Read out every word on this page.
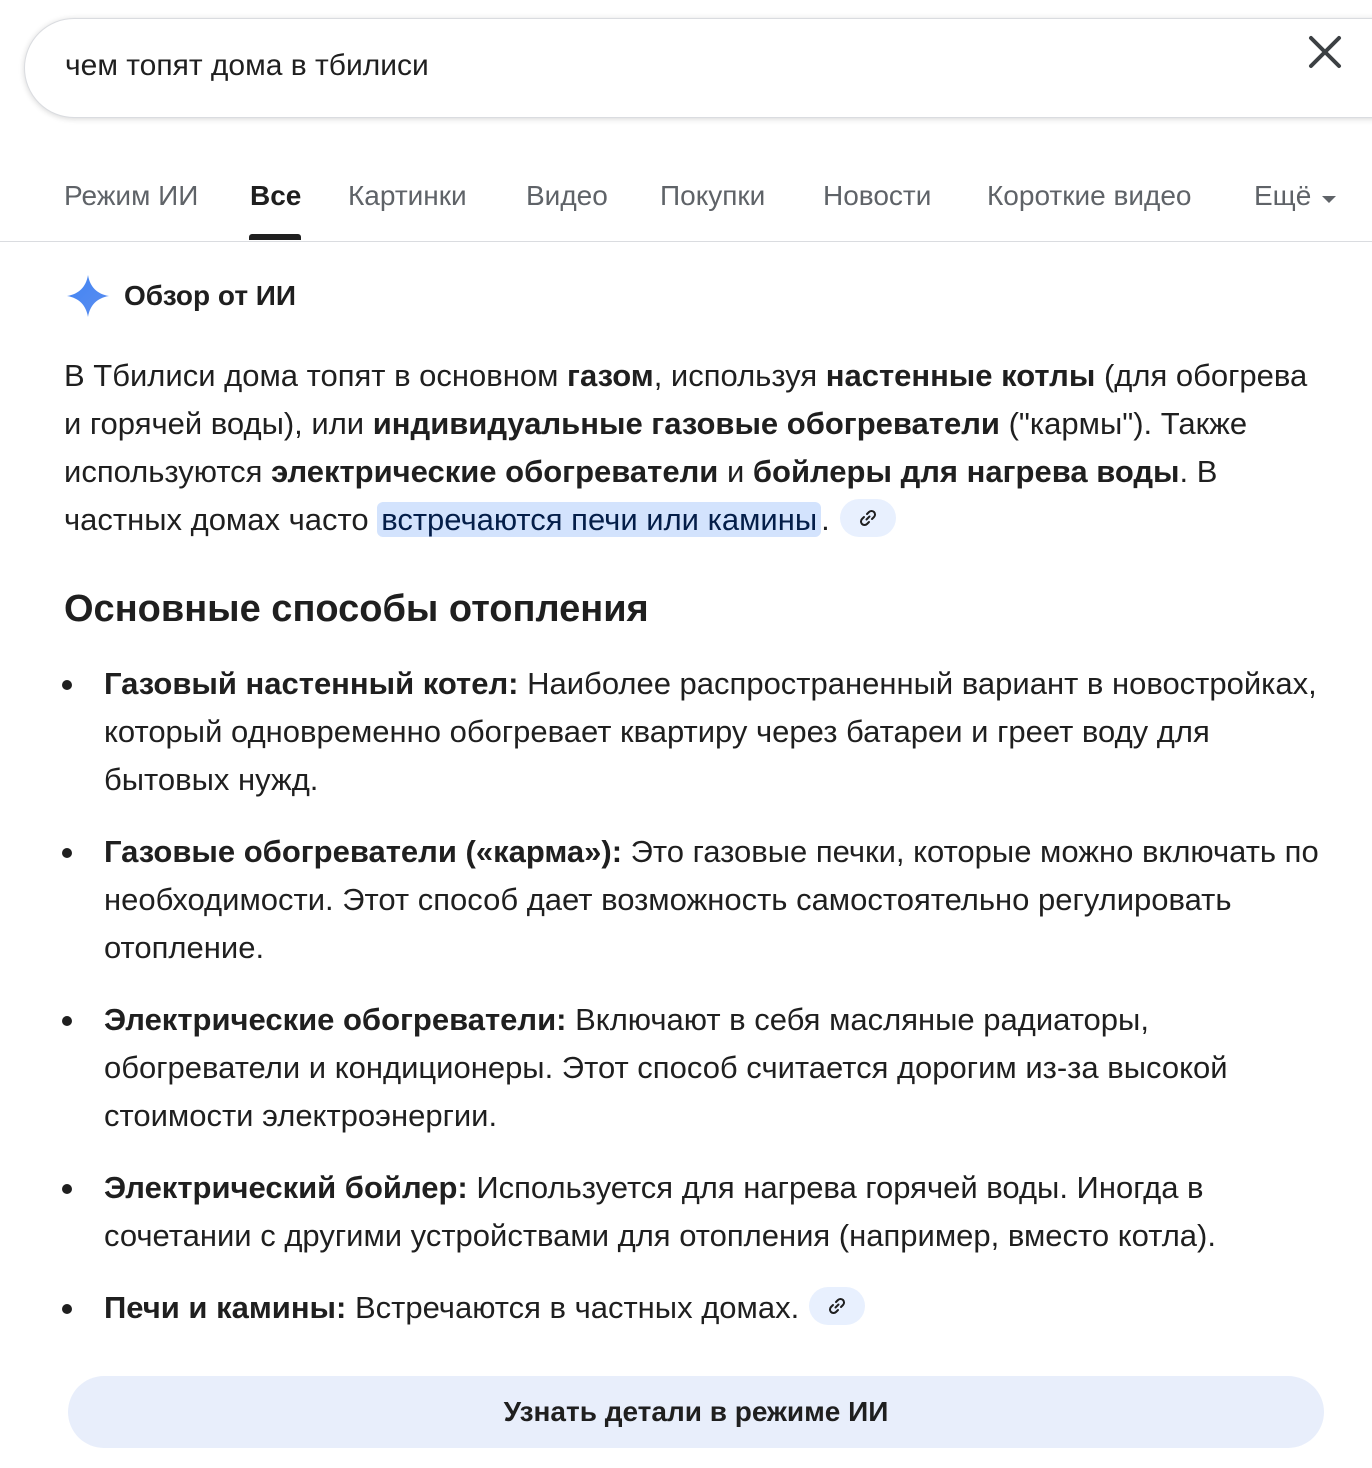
чем топят дома в тбилиси
Режим ИИ Все Картинки Видео Покупки Новости Короткие видео Ещё
Обзор от ИИ

В Тбилиси дома топят в основном газом, используя настенные котлы (для обогрева и горячей воды), или индивидуальные газовые обогреватели ("кармы"). Также используются электрические обогреватели и бойлеры для нагрева воды. В частных домах часто встречаются печи или камины .

Основные способы отопления
Газовый настенный котел: Наиболее распространенный вариант в новостройках, который одновременно обогревает квартиру через батареи и греет воду для бытовых нужд.
Газовые обогреватели («карма»): Это газовые печки, которые можно включать по необходимости. Этот способ дает возможность самостоятельно регулировать отопление.
Электрические обогреватели: Включают в себя масляные радиаторы, обогреватели и кондиционеры. Этот способ считается дорогим из-за высокой стоимости электроэнергии.
Электрический бойлер: Используется для нагрева горячей воды. Иногда в сочетании с другими устройствами для отопления (например, вместо котла).
Печи и камины: Встречаются в частных домах.
Узнать детали в режиме ИИ
